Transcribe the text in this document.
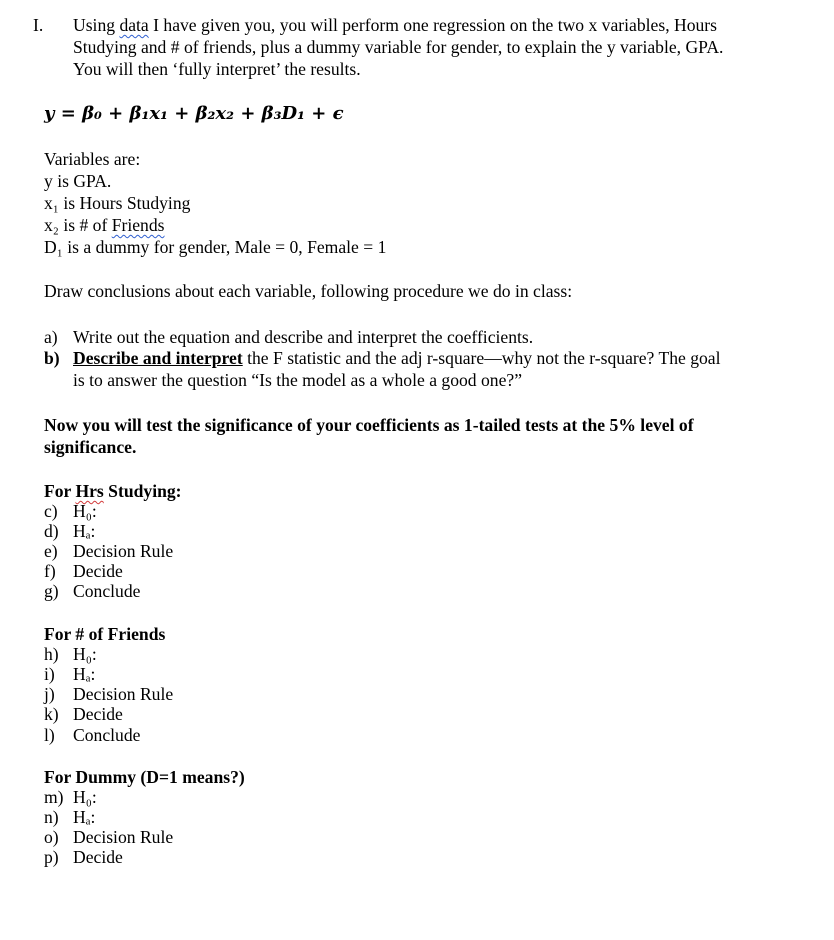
I. Using data I have given you, you will perform one regression on the two x variables, Hours
Studying and # of friends, plus a dummy variable for gender, to explain the y variable, GPA.
You will then ‘fully interpret’ the results.
y = β₀ + β₁x₁ + β₂x₂ + β₃D₁ + ϵ
Variables are:
y is GPA.
x₁ is Hours Studying
x₂ is # of Friends
D₁ is a dummy for gender, Male = 0, Female = 1
Draw conclusions about each variable, following procedure we do in class:
a) Write out the equation and describe and interpret the coefficients.
b) Describe and interpret the F statistic and the adj r-square—why not the r-square? The goal
is to answer the question “Is the model as a whole a good one?”
Now you will test the significance of your coefficients as 1-tailed tests at the 5% level of
significance.
For Hrs Studying:
c) H₀:
d) Hₐ:
e) Decision Rule
f) Decide
g) Conclude
For # of Friends
h) H₀:
i) Hₐ:
j) Decision Rule
k) Decide
l) Conclude
For Dummy (D=1 means?)
m) H₀:
n) Hₐ:
o) Decision Rule
p) Decide
